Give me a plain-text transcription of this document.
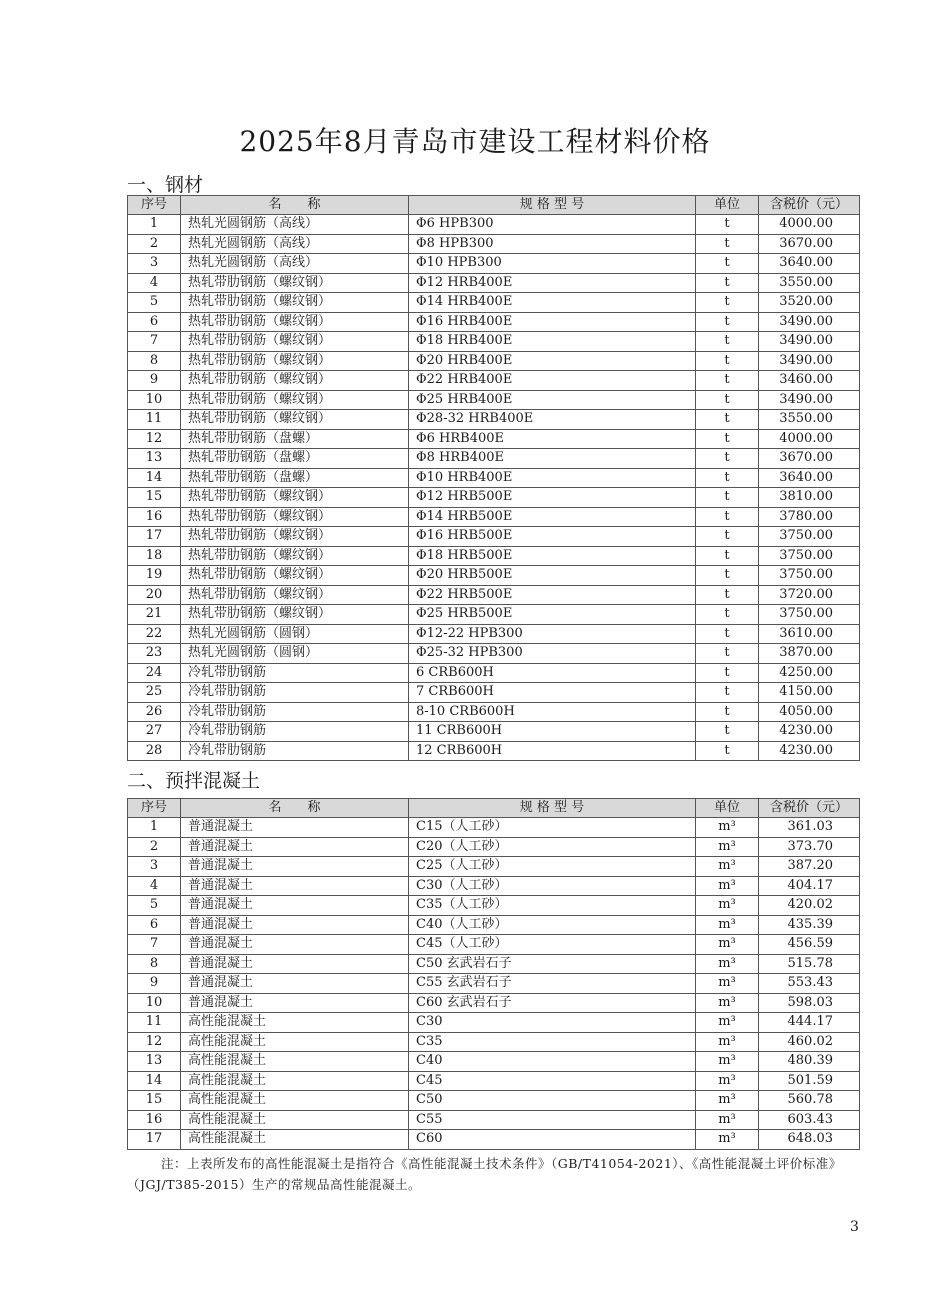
2025年8月青岛市建设工程材料价格
一、钢材
序号	名　　称	规 格 型 号	单位	含税价（元）
1	热轧光圆钢筋（高线）	Φ6 HPB300	t	4000.00
2	热轧光圆钢筋（高线）	Φ8 HPB300	t	3670.00
3	热轧光圆钢筋（高线）	Φ10 HPB300	t	3640.00
4	热轧带肋钢筋（螺纹钢）	Φ12 HRB400E	t	3550.00
5	热轧带肋钢筋（螺纹钢）	Φ14 HRB400E	t	3520.00
6	热轧带肋钢筋（螺纹钢）	Φ16 HRB400E	t	3490.00
7	热轧带肋钢筋（螺纹钢）	Φ18 HRB400E	t	3490.00
8	热轧带肋钢筋（螺纹钢）	Φ20 HRB400E	t	3490.00
9	热轧带肋钢筋（螺纹钢）	Φ22 HRB400E	t	3460.00
10	热轧带肋钢筋（螺纹钢）	Φ25 HRB400E	t	3490.00
11	热轧带肋钢筋（螺纹钢）	Φ28-32 HRB400E	t	3550.00
12	热轧带肋钢筋（盘螺）	Φ6 HRB400E	t	4000.00
13	热轧带肋钢筋（盘螺）	Φ8 HRB400E	t	3670.00
14	热轧带肋钢筋（盘螺）	Φ10 HRB400E	t	3640.00
15	热轧带肋钢筋（螺纹钢）	Φ12 HRB500E	t	3810.00
16	热轧带肋钢筋（螺纹钢）	Φ14 HRB500E	t	3780.00
17	热轧带肋钢筋（螺纹钢）	Φ16 HRB500E	t	3750.00
18	热轧带肋钢筋（螺纹钢）	Φ18 HRB500E	t	3750.00
19	热轧带肋钢筋（螺纹钢）	Φ20 HRB500E	t	3750.00
20	热轧带肋钢筋（螺纹钢）	Φ22 HRB500E	t	3720.00
21	热轧带肋钢筋（螺纹钢）	Φ25 HRB500E	t	3750.00
22	热轧光圆钢筋（圆钢）	Φ12-22 HPB300	t	3610.00
23	热轧光圆钢筋（圆钢）	Φ25-32 HPB300	t	3870.00
24	冷轧带肋钢筋	6 CRB600H	t	4250.00
25	冷轧带肋钢筋	7 CRB600H	t	4150.00
26	冷轧带肋钢筋	8-10 CRB600H	t	4050.00
27	冷轧带肋钢筋	11 CRB600H	t	4230.00
28	冷轧带肋钢筋	12 CRB600H	t	4230.00
二、预拌混凝土
序号	名　　称	规 格 型 号	单位	含税价（元）
1	普通混凝土	C15（人工砂）	m³	361.03
2	普通混凝土	C20（人工砂）	m³	373.70
3	普通混凝土	C25（人工砂）	m³	387.20
4	普通混凝土	C30（人工砂）	m³	404.17
5	普通混凝土	C35（人工砂）	m³	420.02
6	普通混凝土	C40（人工砂）	m³	435.39
7	普通混凝土	C45（人工砂）	m³	456.59
8	普通混凝土	C50 玄武岩石子	m³	515.78
9	普通混凝土	C55 玄武岩石子	m³	553.43
10	普通混凝土	C60 玄武岩石子	m³	598.03
11	高性能混凝土	C30	m³	444.17
12	高性能混凝土	C35	m³	460.02
13	高性能混凝土	C40	m³	480.39
14	高性能混凝土	C45	m³	501.59
15	高性能混凝土	C50	m³	560.78
16	高性能混凝土	C55	m³	603.43
17	高性能混凝土	C60	m³	648.03
注：上表所发布的高性能混凝土是指符合《高性能混凝土技术条件》（GB/T41054-2021）、《高性能混凝土评价标准》（JGJ/T385-2015）生产的常规品高性能混凝土。
3
